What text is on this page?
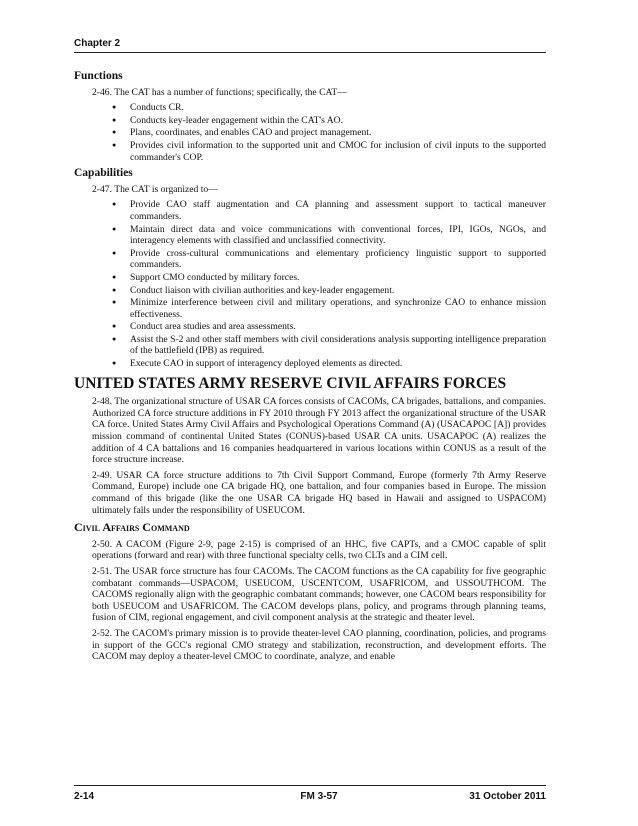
Chapter 2
Functions
2-46. The CAT has a number of functions; specifically, the CAT—
● Conducts CR.
● Conducts key-leader engagement within the CAT's AO.
● Plans, coordinates, and enables CAO and project management.
● Provides civil information to the supported unit and CMOC for inclusion of civil inputs to the supported commander's COP.
Capabilities
2-47. The CAT is organized to—
● Provide CAO staff augmentation and CA planning and assessment support to tactical maneuver commanders.
● Maintain direct data and voice communications with conventional forces, IPI, IGOs, NGOs, and interagency elements with classified and unclassified connectivity.
● Provide cross-cultural communications and elementary proficiency linguistic support to supported commanders.
● Support CMO conducted by military forces.
● Conduct liaison with civilian authorities and key-leader engagement.
● Minimize interference between civil and military operations, and synchronize CAO to enhance mission effectiveness.
● Conduct area studies and area assessments.
● Assist the S-2 and other staff members with civil considerations analysis supporting intelligence preparation of the battlefield (IPB) as required.
● Execute CAO in support of interagency deployed elements as directed.
UNITED STATES ARMY RESERVE CIVIL AFFAIRS FORCES
2-48. The organizational structure of USAR CA forces consists of CACOMs, CA brigades, battalions, and companies. Authorized CA force structure additions in FY 2010 through FY 2013 affect the organizational structure of the USAR CA force. United States Army Civil Affairs and Psychological Operations Command (A) (USACAPOC [A]) provides mission command of continental United States (CONUS)-based USAR CA units. USACAPOC (A) realizes the addition of 4 CA battalions and 16 companies headquartered in various locations within CONUS as a result of the force structure increase.
2-49. USAR CA force structure additions to 7th Civil Support Command, Europe (formerly 7th Army Reserve Command, Europe) include one CA brigade HQ, one battalion, and four companies based in Europe. The mission command of this brigade (like the one USAR CA brigade HQ based in Hawaii and assigned to USPACOM) ultimately falls under the responsibility of USEUCOM.
Civil Affairs Command
2-50. A CACOM (Figure 2-9, page 2-15) is comprised of an HHC, five CAPTs, and a CMOC capable of split operations (forward and rear) with three functional specialty cells, two CLTs and a CIM cell.
2-51. The USAR force structure has four CACOMs. The CACOM functions as the CA capability for five geographic combatant commands—USPACOM, USEUCOM, USCENTCOM, USAFRICOM, and USSOUTHCOM. The CACOMS regionally align with the geographic combatant commands; however, one CACOM bears responsibility for both USEUCOM and USAFRICOM. The CACOM develops plans, policy, and programs through planning teams, fusion of CIM, regional engagement, and civil component analysis at the strategic and theater level.
2-52. The CACOM's primary mission is to provide theater-level CAO planning, coordination, policies, and programs in support of the GCC's regional CMO strategy and stabilization, reconstruction, and development efforts. The CACOM may deploy a theater-level CMOC to coordinate, analyze, and enable
2-14	FM 3-57	31 October 2011
